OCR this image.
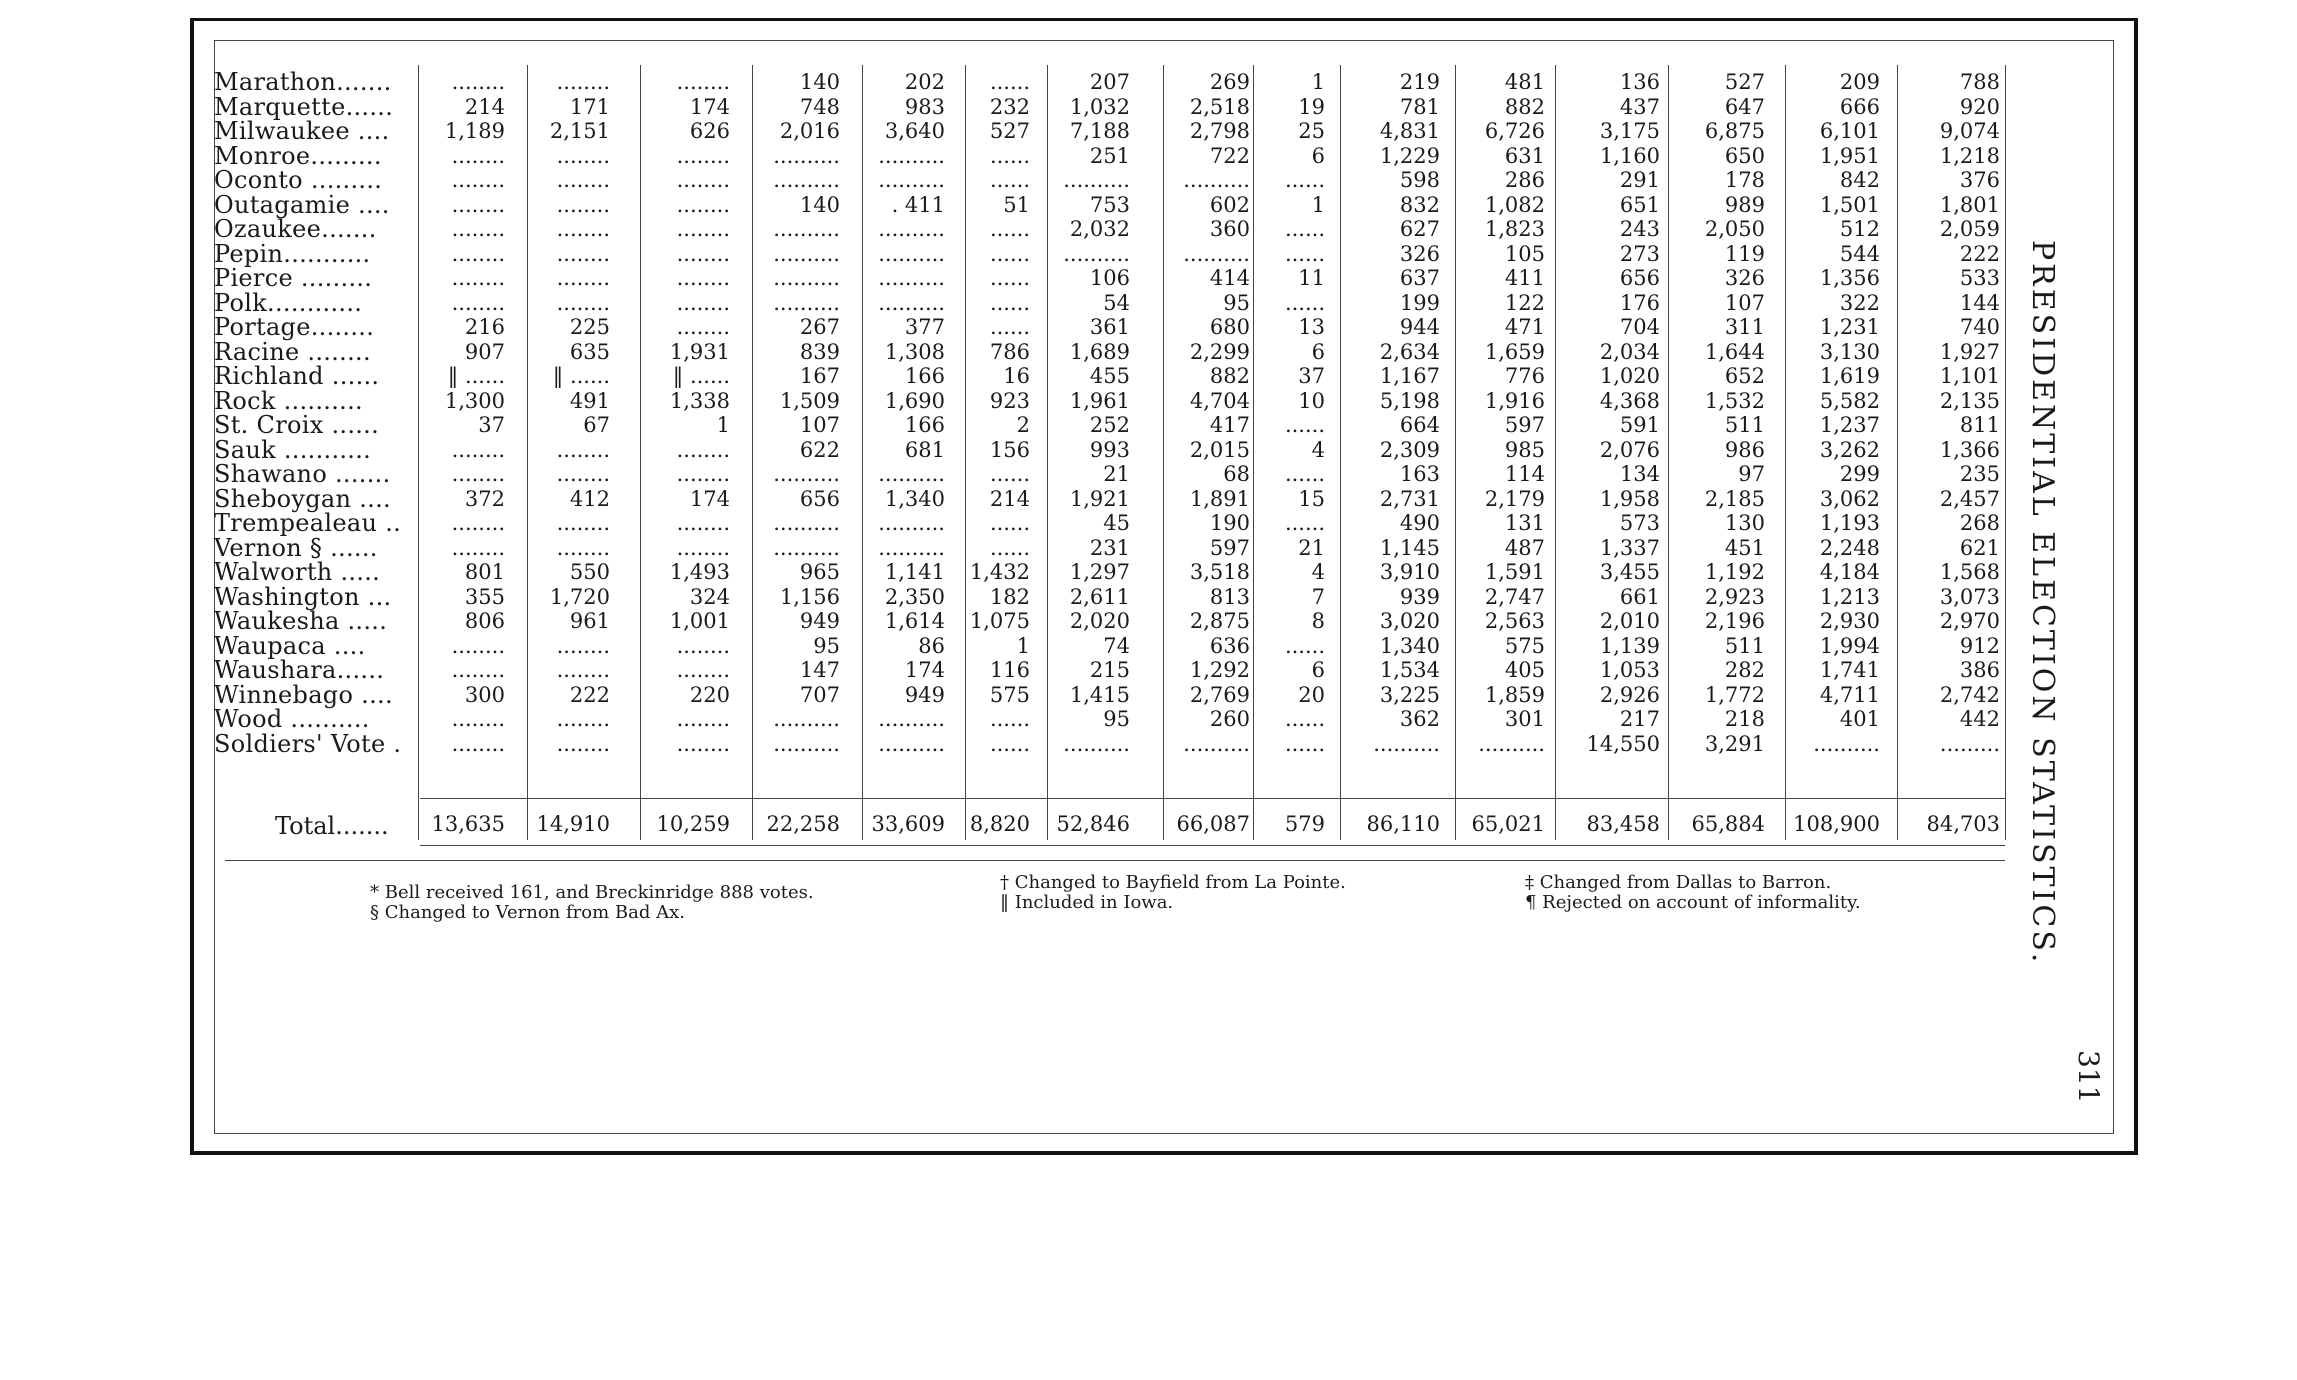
PRESIDENTIAL ELECTION STATISTICS.
311
Marathon.......	........	........	........	140	202	......	207	269	1	219	481	136	527	209	788
Marquette......	214	171	174	748	983	232	1,032	2,518	19	781	882	437	647	666	920
Milwaukee ....	1,189	2,151	626	2,016	3,640	527	7,188	2,798	25	4,831	6,726	3,175	6,875	6,101	9,074
Monroe.........	........	........	........	..........	..........	......	251	722	6	1,229	631	1,160	650	1,951	1,218
Oconto .........	........	........	........	..........	..........	......	..........	..........	......	598	286	291	178	842	376
Outagamie ....	........	........	........	140	. 411	51	753	602	1	832	1,082	651	989	1,501	1,801
Ozaukee.......	........	........	........	..........	..........	......	2,032	360	......	627	1,823	243	2,050	512	2,059
Pepin...........	........	........	........	..........	..........	......	..........	..........	......	326	105	273	119	544	222
Pierce .........	........	........	........	..........	..........	......	106	414	11	637	411	656	326	1,356	533
Polk............	........	........	........	..........	..........	......	54	95	......	199	122	176	107	322	144
Portage........	216	225	........	267	377	......	361	680	13	944	471	704	311	1,231	740
Racine ........	907	635	1,931	839	1,308	786	1,689	2,299	6	2,634	1,659	2,034	1,644	3,130	1,927
Richland ......	‖ ......	‖ ......	‖ ......	167	166	16	455	882	37	1,167	776	1,020	652	1,619	1,101
Rock ..........	1,300	491	1,338	1,509	1,690	923	1,961	4,704	10	5,198	1,916	4,368	1,532	5,582	2,135
St. Croix ......	37	67	1	107	166	2	252	417	......	664	597	591	511	1,237	811
Sauk ...........	........	........	........	622	681	156	993	2,015	4	2,309	985	2,076	986	3,262	1,366
Shawano .......	........	........	........	..........	..........	......	21	68	......	163	114	134	97	299	235
Sheboygan ....	372	412	174	656	1,340	214	1,921	1,891	15	2,731	2,179	1,958	2,185	3,062	2,457
Trempealeau ..	........	........	........	..........	..........	......	45	190	......	490	131	573	130	1,193	268
Vernon § ......	........	........	........	..........	..........	......	231	597	21	1,145	487	1,337	451	2,248	621
Walworth .....	801	550	1,493	965	1,141 1,432	1,297	3,518	4	3,910	1,591	3,455	1,192	4,184	1,568
Washington ...	355	1,720	324	1,156	2,350	182	2,611	813	7	939	2,747	661	2,923	1,213	3,073
Waukesha .....	806	961	1,001	949	1,614 1,075	2,020	2,875	8	3,020	2,563	2,010	2,196	2,930	2,970
Waupaca ....	........	........	........	95	86	1	74	636	......	1,340	575	1,139	511	1,994	912
Waushara......	........	........	........	147	174	116	215	1,292	6	1,534	405	1,053	282	1,741	386
Winnebago ....	300	222	220	707	949	575	1,415	2,769	20	3,225	1,859	2,926	1,772	4,711	2,742
Wood ..........	........	........	........	..........	..........	......	95	260	......	362	301	217	218	401	442
Soldiers' Vote .	........	........	........	..........	..........	......	..........	..........	......	..........	..........	14,550	3,291	..........	.........
Total.......	13,635	14,910	10,259	22,258	33,609 8,820	52,846	66,087	579	86,110	65,021	83,458	65,884	108,900	84,703
* Bell received 161, and Breckinridge 888 votes.
§ Changed to Vernon from Bad Ax.
† Changed to Bayfield from La Pointe.
‖ Included in Iowa.
‡ Changed from Dallas to Barron.
¶ Rejected on account of informality.
